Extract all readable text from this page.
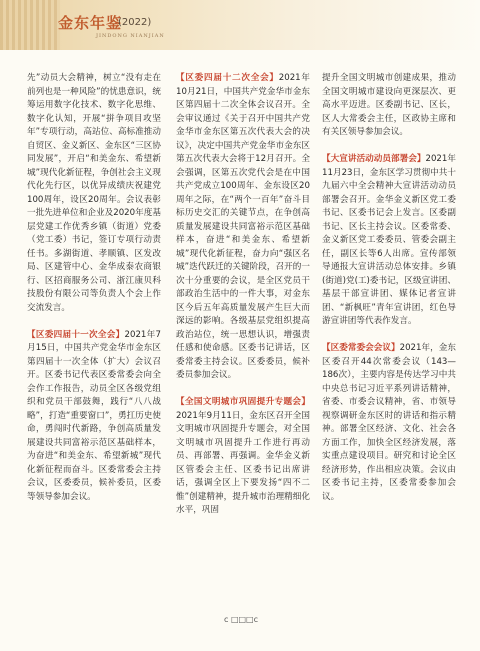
金东年鉴
(2022)
JINDONG NIANJIAN

先”动员大会精神，树立“没有走在前列也是一种风险”的忧患意识，统筹运用数字化技术、数字化思维、数字化认知，开展“拼争项目攻坚年”专项行动，高站位、高标准推动自贸区、金义新区、金东区“三区协同发展”，开启“和美金东、希望新城”现代化新征程，争创社会主义现代化先行区，以优异成绩庆祝建党100周年，设区20周年。会议表彰一批先进单位和企业及2020年度基层党建工作优秀乡镇（街道）党委（党工委）书记，签订专项行动责任书。多湖街道、孝顺镇、区发改局、区建管中心、金华成泰农商银行、区招商服务公司、浙江康贝科技股份有限公司等负责人个会上作交流发言。

【区委四届十一次全会】2021年7月15日，中国共产党金华市金东区第四届十一次全体（扩大）会议召开。区委书记代表区委常委会向全会作工作报告，动员全区各级党组织和党员干部鼓舞，践行“八八战略”，打造“重要窗口”，勇扛历史使命，勇闯时代新路，争创高质量发展建设共同富裕示范区基础样本，为奋进“和美金东、希望新城”现代化新征程而奋斗。区委常委会主持会议，区委委员，候补委员，区委等领导参加会议。

【区委四届十二次全会】2021年10月21日，中国共产党金华市金东区第四届十二次全体会议召开。全会审议通过《关于召开中国共产党金华市金东区第五次代表大会的决议》，决定中国共产党金华市金东区第五次代表大会将于12月召开。全会强调，区第五次党代会是在中国共产党成立100周年、金东设区20周年之际，在“两个一百年”奋斗目标历史交汇的关键节点，在争创高质量发展建设共同富裕示范区基础样本，奋进“和美金东、希望新城”现代化新征程，奋力向“强区名城”迭代跃迁的关键阶段，召开的一次十分重要的会议，是全区党员干部政治生活中的一件大事，对金东区今后五年高质量发展产生巨大而深远的影响。各级基层党组织提高政治站位，统一思想认识，增强责任感和使命感。区委书记讲话，区委常委主持会议。区委委员，候补委员参加会议。

【全国文明城市巩固提升专题会】2021年9月11日，金东区召开全国文明城市巩固提升专题会，对全国文明城市巩固提升工作进行再动员、再部署、再强调。金华金义新区管委会主任、区委书记出席讲话，强调全区上下要发扬“四不二惟”创建精神，提升城市治理精细化水平，巩固

提升全国文明城市创建成果，推动全国文明城市建设向更深层次、更高水平迈进。区委副书记、区长，区人大常委会主任，区政协主席和有关区领导参加会议。

【大宣讲活动动员部署会】2021年11月23日，金东区学习贯彻中共十九届六中全会精神大宣讲活动动员部署会召开。金华金义新区党工委书记、区委书记会上发言。区委副书记、区长主持会议。区委常委、金义新区党工委委员、管委会副主任，副区长等6人出席。宣传部领导通报大宣讲活动总体安排。乡镇(街道)党(工)委书记，区级宣讲团、基层干部宣讲团、媒体记者宣讲团、“新枫旺”青年宣讲团，红色导游宣讲团等代表作发言。

【区委常委会会议】2021年，金东区委召开44次常委会议（143—186次），主要内容是传达学习中共中央总书记习近平系列讲话精神，省委、市委会议精神，省、市领导视察调研金东区时的讲话和指示精神。部署全区经济、文化、社会各方面工作，加快全区经济发展，落实重点建设项目。研究和讨论全区经济形势，作出相应决策。会议由区委书记主持，区委常委参加会议。

c □□□c
